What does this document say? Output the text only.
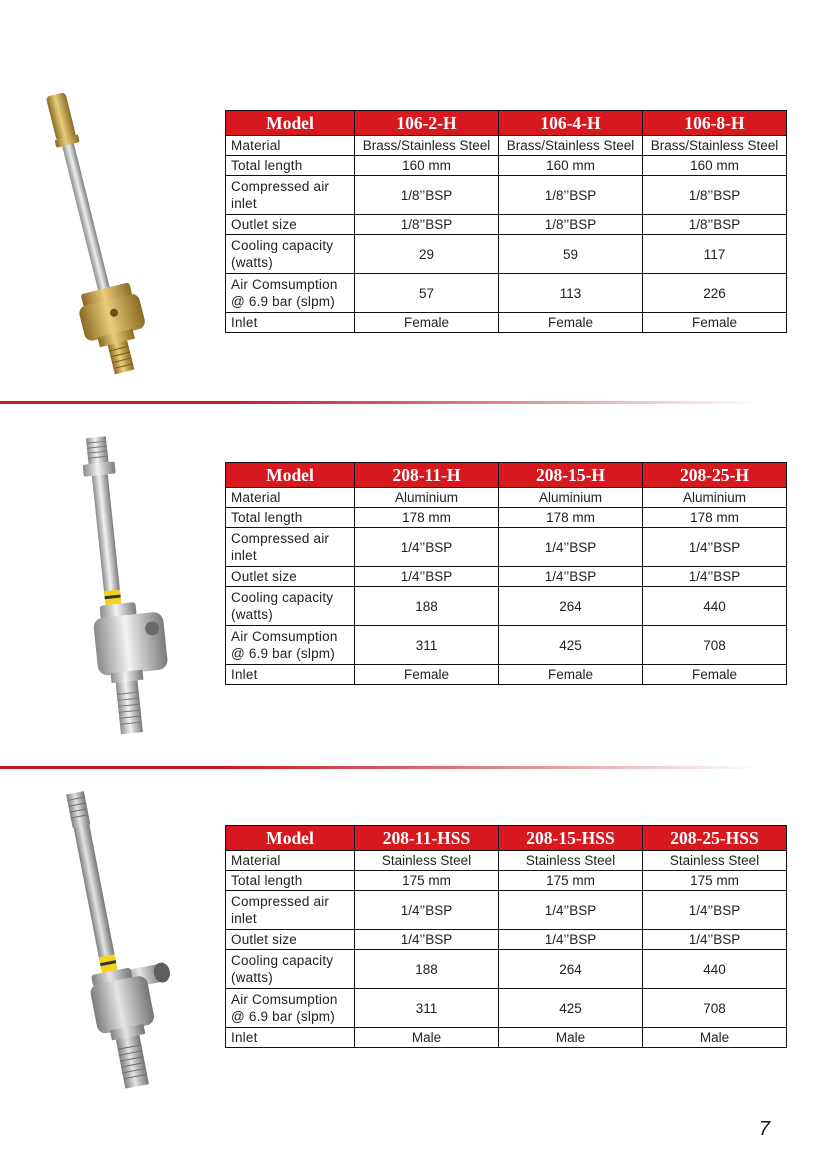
Model	106-2-H	106-4-H	106-8-H
Material	Brass/Stainless Steel	Brass/Stainless Steel	Brass/Stainless Steel
Total length	160 mm	160 mm	160 mm
Compressed air inlet	1/8’’BSP	1/8’’BSP	1/8’’BSP
Outlet size	1/8’’BSP	1/8’’BSP	1/8’’BSP
Cooling capacity (watts)	29	59	117
Air Comsumption @ 6.9 bar (slpm)	57	113	226
Inlet	Female	Female	Female
Model	208-11-H	208-15-H	208-25-H
Material	Aluminium	Aluminium	Aluminium
Total length	178 mm	178 mm	178 mm
Compressed air inlet	1/4’’BSP	1/4’’BSP	1/4’’BSP
Outlet size	1/4’’BSP	1/4’’BSP	1/4’’BSP
Cooling capacity (watts)	188	264	440
Air Comsumption @ 6.9 bar (slpm)	311	425	708
Inlet	Female	Female	Female
Model	208-11-HSS	208-15-HSS	208-25-HSS
Material	Stainless Steel	Stainless Steel	Stainless Steel
Total length	175 mm	175 mm	175 mm
Compressed air inlet	1/4’’BSP	1/4’’BSP	1/4’’BSP
Outlet size	1/4’’BSP	1/4’’BSP	1/4’’BSP
Cooling capacity (watts)	188	264	440
Air Comsumption @ 6.9 bar (slpm)	311	425	708
Inlet	Male	Male	Male
7
